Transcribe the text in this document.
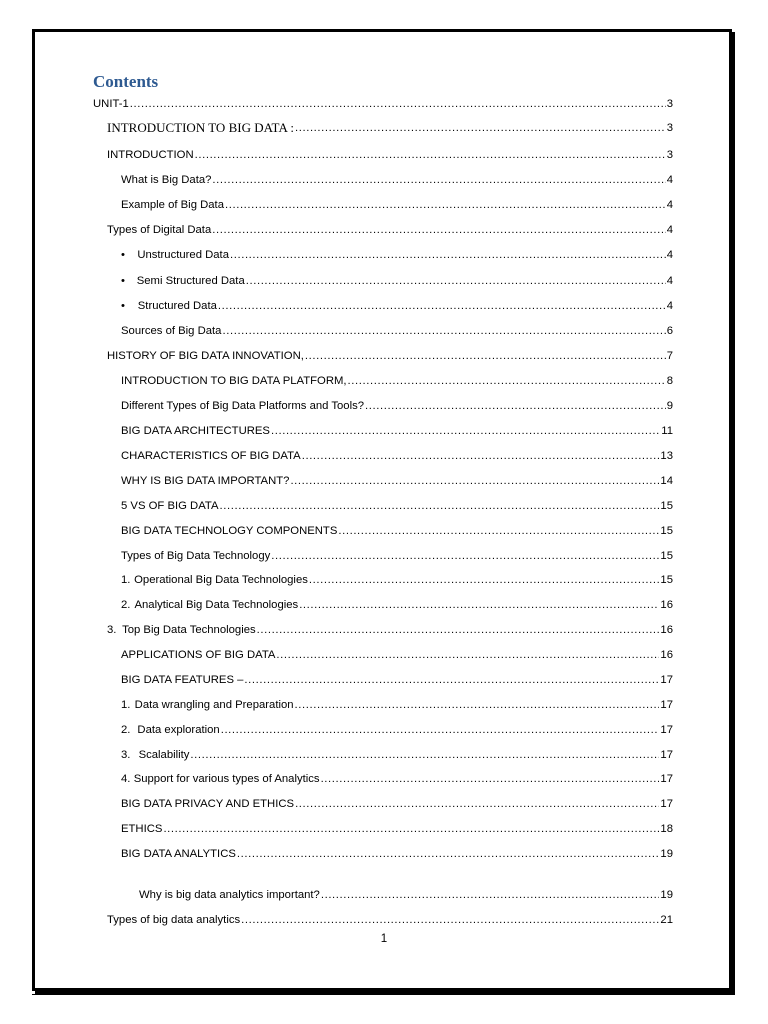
Contents
UNIT-1 .....	3
INTRODUCTION TO BIG DATA : .....	3
INTRODUCTION .....	3
What is Big Data? .....	4
Example of Big Data .....	4
Types of Digital Data .....	4
•	Unstructured Data .....	4
•	Semi Structured Data .....	4
•	Structured Data .....	4
Sources of Big Data .....	6
HISTORY OF BIG DATA INNOVATION, .....	7
INTRODUCTION TO BIG DATA PLATFORM, .....	8
Different Types of Big Data Platforms and Tools? .....	9
BIG DATA ARCHITECTURES .....	11
CHARACTERISTICS OF BIG DATA .....	13
WHY IS BIG DATA IMPORTANT? .....	14
5 VS OF BIG DATA .....	15
BIG DATA TECHNOLOGY COMPONENTS .....	15
Types of Big Data Technology .....	15
1. Operational Big Data Technologies .....	15
2. Analytical Big Data Technologies .....	16
3. Top Big Data Technologies .....	16
APPLICATIONS OF BIG DATA .....	16
BIG DATA FEATURES – .....	17
1. Data wrangling and Preparation .....	17
2. Data exploration .....	17
3. Scalability .....	17
4. Support for various types of Analytics .....	17
BIG DATA PRIVACY AND ETHICS .....	17
ETHICS .....	18
BIG DATA ANALYTICS .....	19
Why is big data analytics important? .....	19
Types of big data analytics .....	21
1
